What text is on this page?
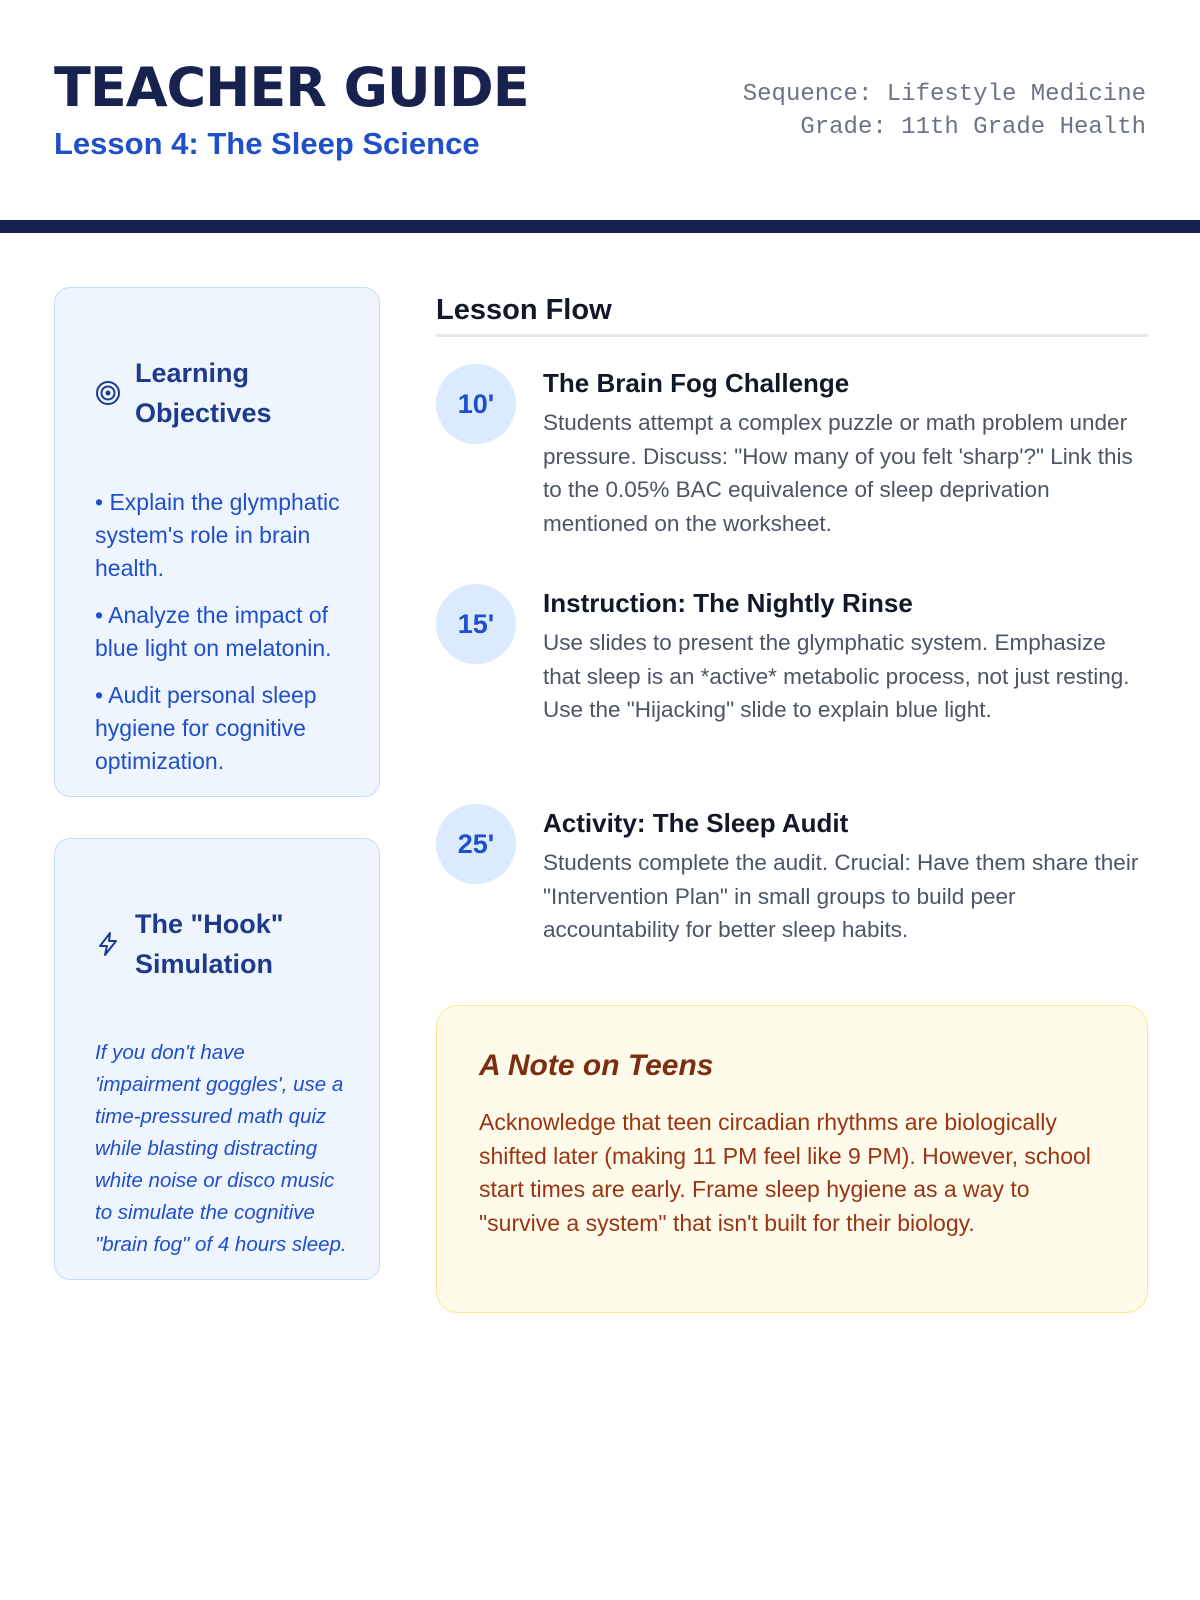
TEACHER GUIDE
Lesson 4: The Sleep Science
Sequence: Lifestyle Medicine
Grade: 11th Grade Health
Learning Objectives
• Explain the glymphatic system's role in brain health.
• Analyze the impact of blue light on melatonin.
• Audit personal sleep hygiene for cognitive optimization.
The "Hook" Simulation

If you don't have 'impairment goggles', use a time-pressured math quiz while blasting distracting white noise or disco music to simulate the cognitive "brain fog" of 4 hours sleep.

Lesson Flow
10'
The Brain Fog Challenge

Students attempt a complex puzzle or math problem under pressure. Discuss: "How many of you felt 'sharp'?" Link this to the 0.05% BAC equivalence of sleep deprivation mentioned on the worksheet.

15'
Instruction: The Nightly Rinse

Use slides to present the glymphatic system. Emphasize that sleep is an *active* metabolic process, not just resting. Use the "Hijacking" slide to explain blue light.

25'
Activity: The Sleep Audit

Students complete the audit. Crucial: Have them share their "Intervention Plan" in small groups to build peer accountability for better sleep habits.

A Note on Teens

Acknowledge that teen circadian rhythms are biologically shifted later (making 11 PM feel like 9 PM). However, school start times are early. Frame sleep hygiene as a way to "survive a system" that isn't built for their biology.
